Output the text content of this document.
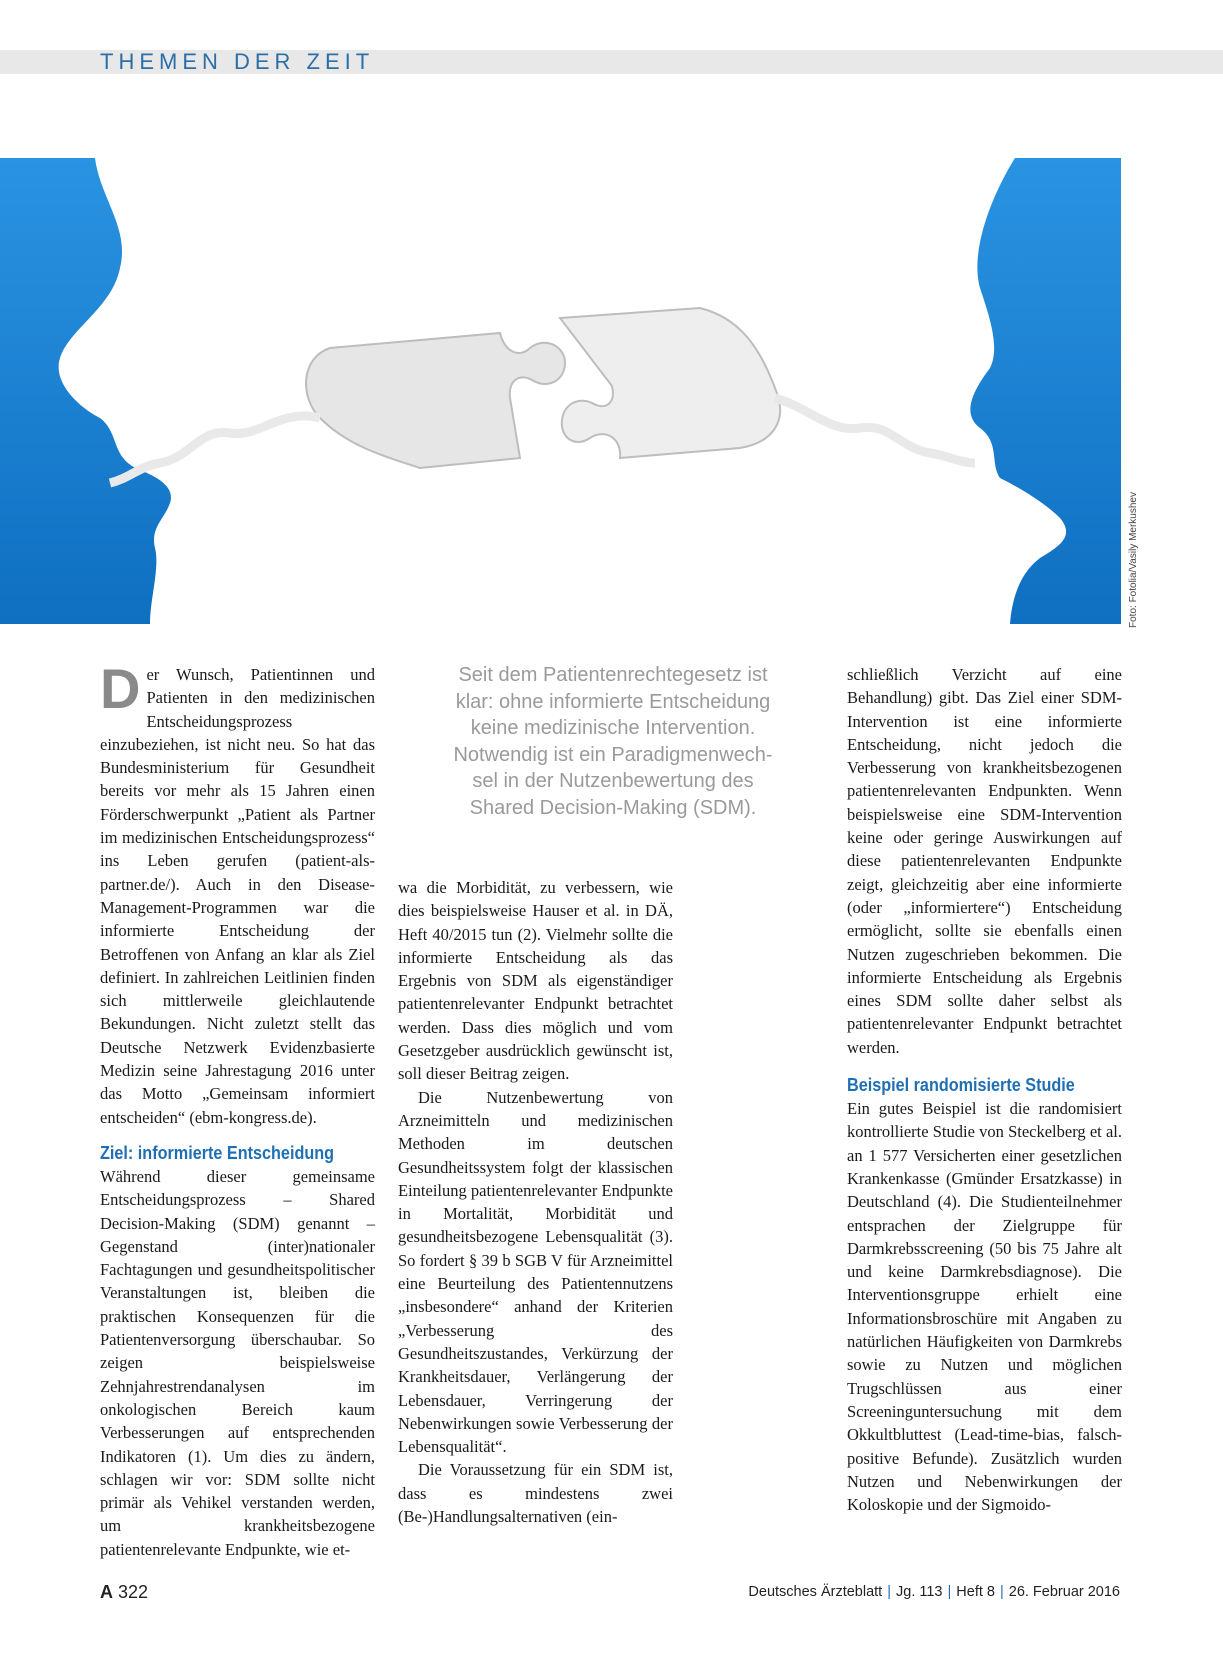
THEMEN DER ZEIT
PATIENTENRECHTE
Informierte Entscheidung als
patientenrelevanter Endpunkt	Foto: Fotolia/Vasily Merkushev

Der Wunsch, Patientinnen und Patienten in den medizinischen Entscheidungsprozess einzubeziehen, ist nicht neu. So hat das Bundesministerium für Gesundheit bereits vor mehr als 15 Jahren einen Förderschwerpunkt „Patient als Partner im medizinischen Entscheidungsprozess“ ins Leben gerufen (patient-als-partner.de/). Auch in den Disease-Management-Programmen war die informierte Entscheidung der Betroffenen von Anfang an klar als Ziel definiert. In zahlreichen Leitlinien finden sich mittlerweile gleichlautende Bekundungen. Nicht zuletzt stellt das Deutsche Netzwerk Evidenzbasierte Medizin seine Jahrestagung 2016 unter das Motto „Gemeinsam informiert entscheiden“ (ebm-kongress.de).

Ziel: informierte Entscheidung

Während dieser gemeinsame Entscheidungsprozess – Shared Decision-Making (SDM) genannt – Gegenstand (inter)nationaler Fachtagungen und gesundheitspolitischer Veranstaltungen ist, bleiben die praktischen Konsequenzen für die Patientenversorgung überschaubar. So zeigen beispielsweise Zehnjahrestrendanalysen im onkologischen Bereich kaum Verbesserungen auf entsprechenden Indikatoren (1). Um dies zu ändern, schlagen wir vor: SDM sollte nicht primär als Vehikel verstanden werden, um krankheitsbezogene patientenrelevante Endpunkte, wie et-

Seit dem Patientenrechtegesetz ist
klar: ohne informierte Entscheidung
keine medizinische Intervention.
Notwendig ist ein Paradigmenwech-
sel in der Nutzenbewertung des
Shared Decision-Making (SDM).

wa die Morbidität, zu verbessern, wie dies beispielsweise Hauser et al. in DÄ, Heft 40/2015 tun (2). Vielmehr sollte die informierte Entscheidung als das Ergebnis von SDM als eigenständiger patientenrelevanter Endpunkt betrachtet werden. Dass dies möglich und vom Gesetzgeber ausdrücklich gewünscht ist, soll dieser Beitrag zeigen.

Die Nutzenbewertung von Arzneimitteln und medizinischen Methoden im deutschen Gesundheitssystem folgt der klassischen Einteilung patientenrelevanter Endpunkte in Mortalität, Morbidität und gesundheitsbezogene Lebensqualität (3). So fordert § 39 b SGB V für Arzneimittel eine Beurteilung des Patientennutzens „insbesondere“ anhand der Kriterien „Verbesserung des Gesundheitszustandes, Verkürzung der Krankheitsdauer, Verlängerung der Lebensdauer, Verringerung der Nebenwirkungen sowie Verbesserung der Lebensqualität“.

Die Voraussetzung für ein SDM ist, dass es mindestens zwei (Be-)Handlungsalternativen (ein-

schließlich Verzicht auf eine Behandlung) gibt. Das Ziel einer SDM-Intervention ist eine informierte Entscheidung, nicht jedoch die Verbesserung von krankheitsbezogenen patientenrelevanten Endpunkten. Wenn beispielsweise eine SDM-Intervention keine oder geringe Auswirkungen auf diese patientenrelevanten Endpunkte zeigt, gleichzeitig aber eine informierte (oder „informiertere“) Entscheidung ermöglicht, sollte sie ebenfalls einen Nutzen zugeschrieben bekommen. Die informierte Entscheidung als Ergebnis eines SDM sollte daher selbst als patientenrelevanter Endpunkt betrachtet werden.

Beispiel randomisierte Studie

Ein gutes Beispiel ist die randomisiert kontrollierte Studie von Steckelberg et al. an 1 577 Versicherten einer gesetzlichen Krankenkasse (Gmünder Ersatzkasse) in Deutschland (4). Die Studienteilnehmer entsprachen der Zielgruppe für Darmkrebsscreening (50 bis 75 Jahre alt und keine Darmkrebsdiagnose). Die Interventionsgruppe erhielt eine Informationsbroschüre mit Angaben zu natürlichen Häufigkeiten von Darmkrebs sowie zu Nutzen und möglichen Trugschlüssen aus einer Screeninguntersuchung mit dem Okkultbluttest (Lead-time-bias, falsch-positive Befunde). Zusätzlich wurden Nutzen und Nebenwirkungen der Koloskopie und der Sigmoido-

A 322	Deutsches Ärzteblatt | Jg. 113 | Heft 8 | 26. Februar 2016
